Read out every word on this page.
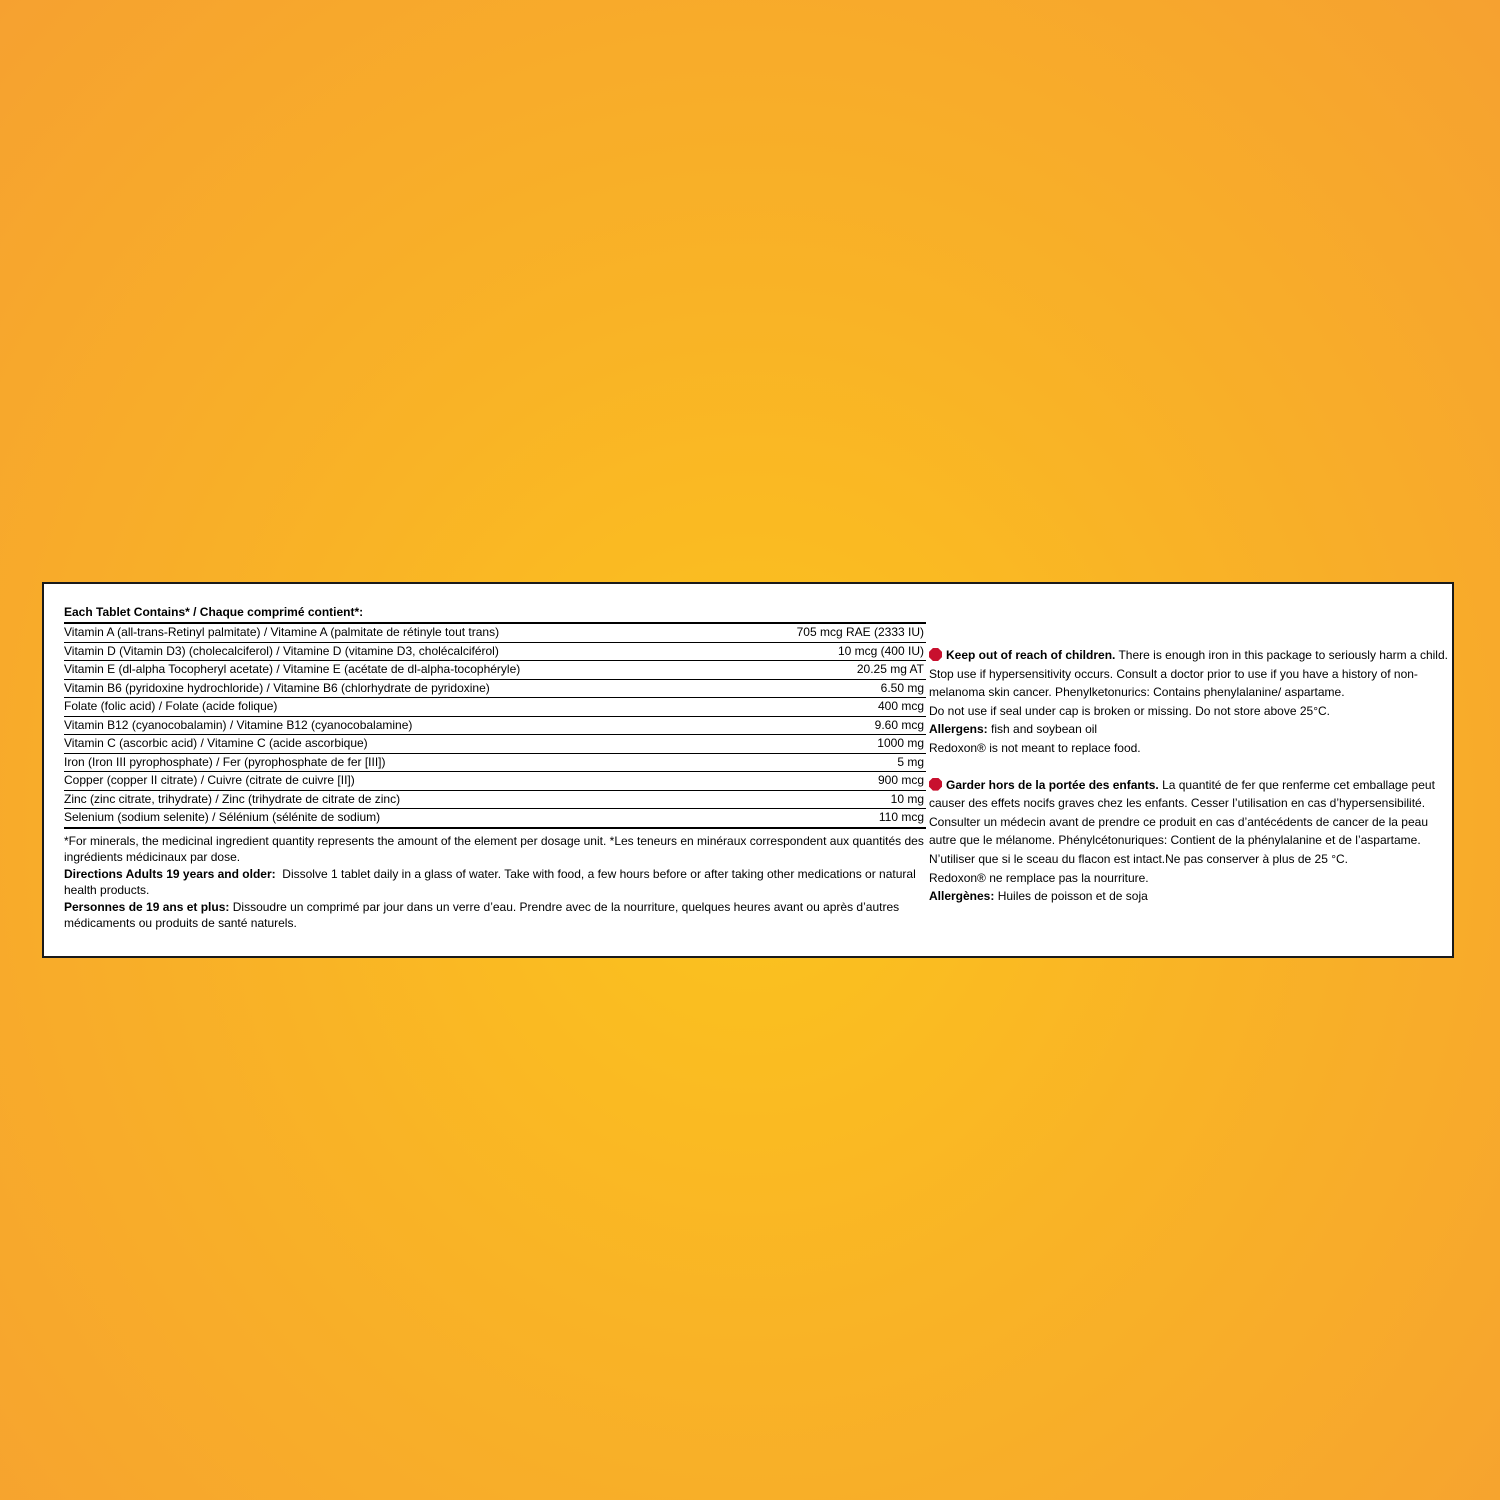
Each Tablet Contains* / Chaque comprimé contient*:
Vitamin A (all-trans-Retinyl palmitate) / Vitamine A (palmitate de rétinyle tout trans)	705 mcg RAE (2333 IU)
Vitamin D (Vitamin D3) (cholecalciferol) / Vitamine D (vitamine D3, cholécalciférol)	10 mcg (400 IU)
Vitamin E (dl-alpha Tocopheryl acetate) / Vitamine E (acétate de dl-alpha-tocophéryle)	20.25 mg AT
Vitamin B6 (pyridoxine hydrochloride) / Vitamine B6 (chlorhydrate de pyridoxine)	6.50 mg
Folate (folic acid) / Folate (acide folique)	400 mcg
Vitamin B12 (cyanocobalamin) / Vitamine B12 (cyanocobalamine)	9.60 mcg
Vitamin C (ascorbic acid) / Vitamine C (acide ascorbique)	1000 mg
Iron (Iron III pyrophosphate) / Fer (pyrophosphate de fer [III])	5 mg
Copper (copper II citrate) / Cuivre (citrate de cuivre [II])	900 mcg
Zinc (zinc citrate, trihydrate) / Zinc (trihydrate de citrate de zinc)	10 mg
Selenium (sodium selenite) / Sélénium (sélénite de sodium)	110 mcg

*For minerals, the medicinal ingredient quantity represents the amount of the element per dosage unit. *Les teneurs en minéraux correspondent aux quantités des ingrédients médicinaux par dose.

Directions Adults 19 years and older:  Dissolve 1 tablet daily in a glass of water. Take with food, a few hours before or after taking other medications or natural health products.

Personnes de 19 ans et plus: Dissoudre un comprimé par jour dans un verre d’eau. Prendre avec de la nourriture, quelques heures avant ou après d’autres médicaments ou produits de santé naturels.

Keep out of reach of children. There is enough iron in this package to seriously harm a child. Stop use if hypersensitivity occurs. Consult a doctor prior to use if you have a history of non-melanoma skin cancer. Phenylketonurics: Contains phenylalanine/ aspartame.

Do not use if seal under cap is broken or missing. Do not store above 25°C.

Allergens: fish and soybean oil

Redoxon® is not meant to replace food.

Garder hors de la portée des enfants. La quantité de fer que renferme cet emballage peut causer des effets nocifs graves chez les enfants. Cesser l’utilisation en cas d’hypersensibilité. Consulter un médecin avant de prendre ce produit en cas d’antécédents de cancer de la peau autre que le mélanome. Phénylcétonuriques: Contient de la phénylalanine et de l’aspartame.

N’utiliser que si le sceau du flacon est intact.Ne pas conserver à plus de 25 °C.

Redoxon® ne remplace pas la nourriture.

Allergènes: Huiles de poisson et de soja
